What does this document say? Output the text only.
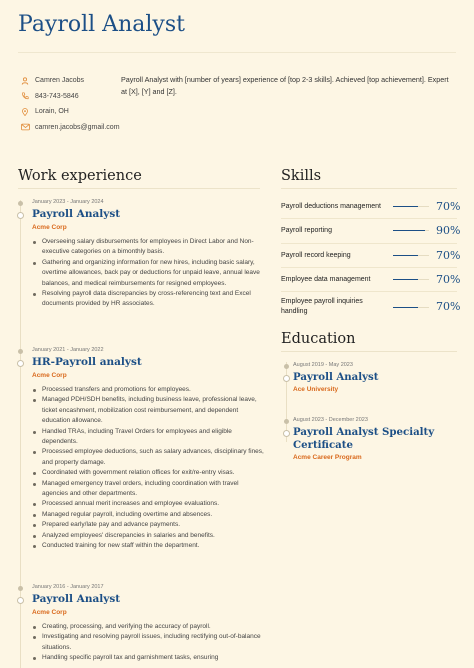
Payroll Analyst
Camren Jacobs
843-743-5846
Lorain, OH
camren.jacobs@gmail.com
Payroll Analyst with [number of years] experience of [top 2-3 skills]. Achieved [top achievement]. Expert at [X], [Y] and [Z].
Work experience	Skills
January 2023 - January 2024
Payroll Analyst
Acme Corp
Overseeing salary disbursements for employees in Direct Labor and Non-executive categories on a bimonthly basis.
Gathering and organizing information for new hires, including basic salary, overtime allowances, back pay or deductions for unpaid leave, annual leave balances, and medical reimbursements for resigned employees.
Resolving payroll data discrepancies by cross-referencing text and Excel documents provided by HR associates.
January 2021 - January 2022
HR-Payroll analyst
Acme Corp
Processed transfers and promotions for employees.
Managed PDH/SDH benefits, including business leave, professional leave, ticket encashment, mobilization cost reimbursement, and dependent education allowance.
Handled TRAs, including Travel Orders for employees and eligible dependents.
Processed employee deductions, such as salary advances, disciplinary fines, and property damage.
Coordinated with government relation offices for exit/re-entry visas.
Managed emergency travel orders, including coordination with travel agencies and other departments.
Processed annual merit increases and employee evaluations.
Managed regular payroll, including overtime and absences.
Prepared early/late pay and advance payments.
Analyzed employees' discrepancies in salaries and benefits.
Conducted training for new staff within the department.
January 2016 - January 2017
Payroll Analyst
Acme Corp
Creating, processing, and verifying the accuracy of payroll.
Investigating and resolving payroll issues, including rectifying out-of-balance situations.
Handling specific payroll tax and garnishment tasks, ensuring
Payroll deductions management	70%
Payroll reporting	90%
Payroll record keeping	70%
Employee data management	70%
Employee payroll inquiries handling	70%
Education
August 2019 - May 2023
Payroll Analyst
Ace University
August 2023 - December 2023
Payroll Analyst Specialty Certificate
Acme Career Program
